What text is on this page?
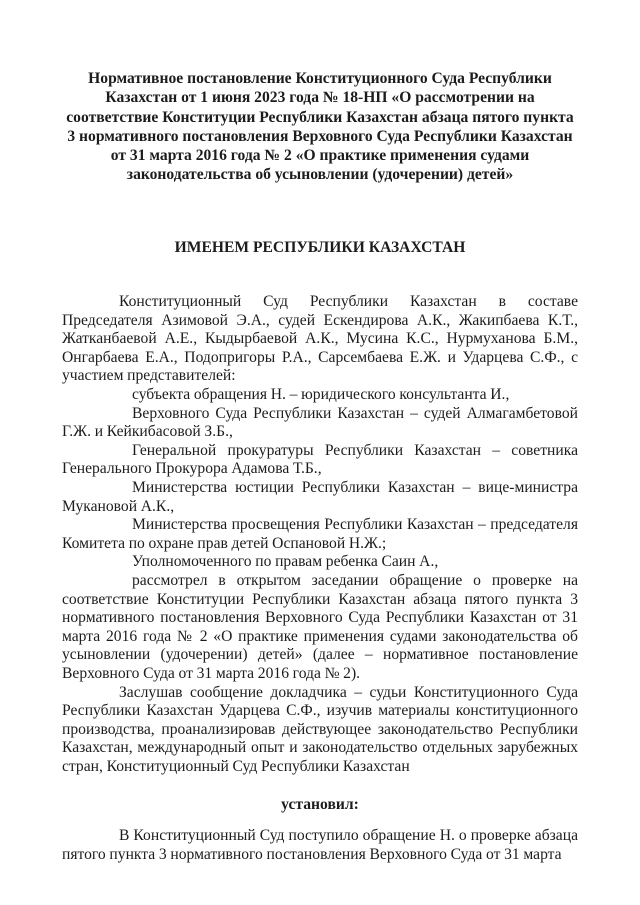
Нормативное постановление Конституционного Суда Республики Казахстан от 1 июня 2023 года № 18-НП «О рассмотрении на соответствие Конституции Республики Казахстан абзаца пятого пункта 3 нормативного постановления Верховного Суда Республики Казахстан от 31 марта 2016 года № 2 «О практике применения судами законодательства об усыновлении (удочерении) детей»
ИМЕНЕМ РЕСПУБЛИКИ КАЗАХСТАН

Конституционный Суд Республики Казахстан в составе Председателя Азимовой Э.А., судей Ескендирова А.К., Жакипбаева К.Т., Жатканбаевой А.Е., Кыдырбаевой А.К., Мусина К.С., Нурмуханова Б.М., Онгарбаева Е.А., Подопригоры Р.А., Сарсембаева Е.Ж. и Ударцева С.Ф., с участием представителей:

субъекта обращения Н. – юридического консультанта И.,

Верховного Суда Республики Казахстан – судей Алмагамбетовой Г.Ж. и Кейкибасовой З.Б.,

Генеральной прокуратуры Республики Казахстан – советника Генерального Прокурора Адамова Т.Б.,

Министерства юстиции Республики Казахстан – вице-министра Мукановой А.К.,

Министерства просвещения Республики Казахстан – председателя Комитета по охране прав детей Оспановой Н.Ж.;

Уполномоченного по правам ребенка Саин А.,

рассмотрел в открытом заседании обращение о проверке на соответствие Конституции Республики Казахстан абзаца пятого пункта 3 нормативного постановления Верховного Суда Республики Казахстан от 31 марта 2016 года № 2 «О практике применения судами законодательства об усыновлении (удочерении) детей» (далее – нормативное постановление Верховного Суда от 31 марта 2016 года № 2).

Заслушав сообщение докладчика – судьи Конституционного Суда Республики Казахстан Ударцева С.Ф., изучив материалы конституционного производства, проанализировав действующее законодательство Республики Казахстан, международный опыт и законодательство отдельных зарубежных стран, Конституционный Суд Республики Казахстан

установил:

В Конституционный Суд поступило обращение Н. о проверке абзаца пятого пункта 3 нормативного постановления Верховного Суда от 31 марта
